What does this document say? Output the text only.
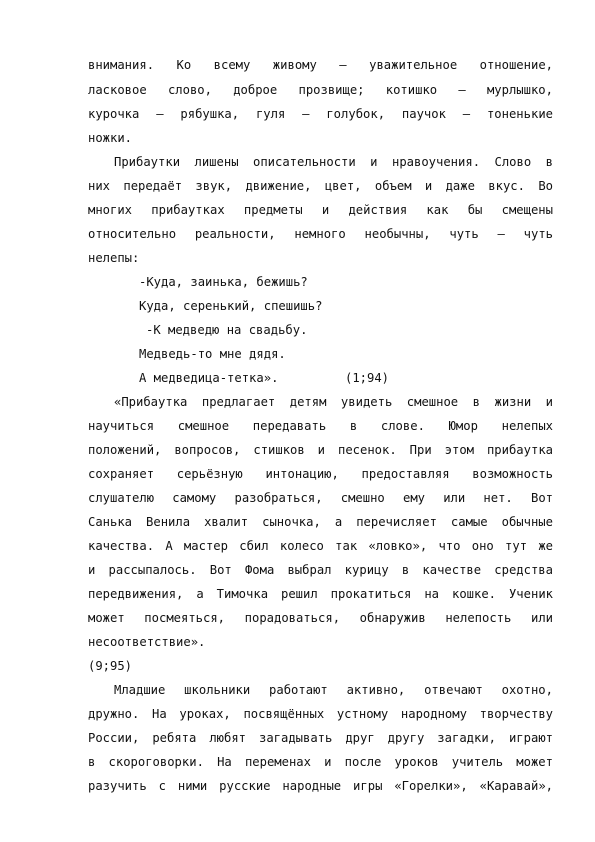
внимания. Ко всему живому – уважительное отношение,
ласковое слово, доброе прозвище; котишко – мурлышко,
курочка – рябушка, гуля – голубок, паучок – тоненькие
ножки.
Прибаутки лишены описательности и нравоучения. Слово в
них передаёт звук, движение, цвет, объем и даже вкус. Во
многих прибаутках предметы и действия как бы смещены
относительно реальности, немного необычны, чуть – чуть
нелепы:
-Куда, заинька, бежишь?
Куда, серенький, спешишь?
-К медведю на свадьбу.
Медведь-то мне дядя.
А медведица-тетка».	(1;94)
«Прибаутка предлагает детям увидеть смешное в жизни и
научиться смешное передавать в слове. Юмор нелепых
положений, вопросов, стишков и песенок. При этом прибаутка
сохраняет серьёзную интонацию, предоставляя возможность
слушателю самому разобраться, смешно ему или нет. Вот
Санька Венила хвалит сыночка, а перечисляет самые обычные
качества. А мастер сбил колесо так «ловко», что оно тут же
и рассыпалось. Вот Фома выбрал курицу в качестве средства
передвижения, а Тимочка решил прокатиться на кошке. Ученик
может посмеяться, порадоваться, обнаружив нелепость или
несоответствие».
(9;95)
Младшие школьники работают активно, отвечают охотно,
дружно. На уроках, посвящённых устному народному творчеству
России, ребята любят загадывать друг другу загадки, играют
в скороговорки. На переменах и после уроков учитель может
разучить с ними русские народные игры «Горелки», «Каравай»,
